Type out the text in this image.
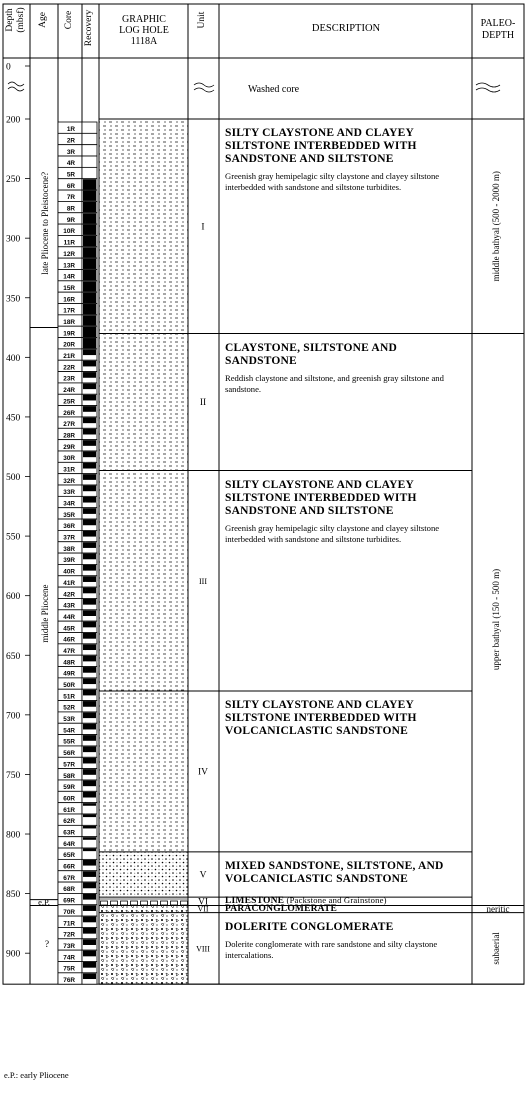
Depth (mbsf) Age Core Recovery	GRAPHIC
LOG HOLE
1118A
Unit
DESCRIPTION	PALEO-
DEPTH
0
200
250
300
350
400
450
500
550
600
650
700
750
800
850
900
Washed core
late Pliocene to Pleistocene?
middle Pliocene
e.P.
?
1R
2R
3R
4R
5R
6R
7R
8R
9R
10R
11R
12R
13R
14R
15R
16R
17R
18R
19R
20R
21R
22R
23R
24R
25R
26R
27R
28R
29R
30R
31R
32R
33R
34R
35R
36R
37R
38R
39R
40R
41R
42R
43R
44R
45R
46R
47R
48R
49R
50R
51R
52R
53R
54R
55R
56R
57R
58R
59R
60R
61R
62R
63R
64R
65R
66R
67R
68R
69R
70R
71R
72R
73R
74R
75R
76R
I
II
III
IV
V
VI
VII
VIII
middle bathyal (500 - 2000 m)
upper bathyal (150 - 500 m)
neritic
subaerial
SILTY CLAYSTONE AND CLAYEY SILTSTONE INTERBEDDED WITH SANDSTONE AND SILTSTONE
Greenish gray hemipelagic silty claystone and clayey siltstone interbedded with sandstone and siltstone turbidites.
CLAYSTONE, SILTSTONE AND SANDSTONE
Reddish claystone and siltstone, and greenish gray siltstone and sandstone.
SILTY CLAYSTONE AND CLAYEY SILTSTONE INTERBEDDED WITH SANDSTONE AND SILTSTONE
Greenish gray hemipelagic silty claystone and clayey siltstone interbedded with sandstone and siltstone turbidites.
SILTY CLAYSTONE AND CLAYEY SILTSTONE INTERBEDDED WITH VOLCANICLASTIC SANDSTONE
MIXED SANDSTONE, SILTSTONE, AND VOLCANICLASTIC SANDSTONE
LIMESTONE (Packstone and Grainstone)
PARACONGLOMERATE
DOLERITE CONGLOMERATE
Dolerite conglomerate with rare sandstone and silty claystone intercalations.
e.P.: early Pliocene
